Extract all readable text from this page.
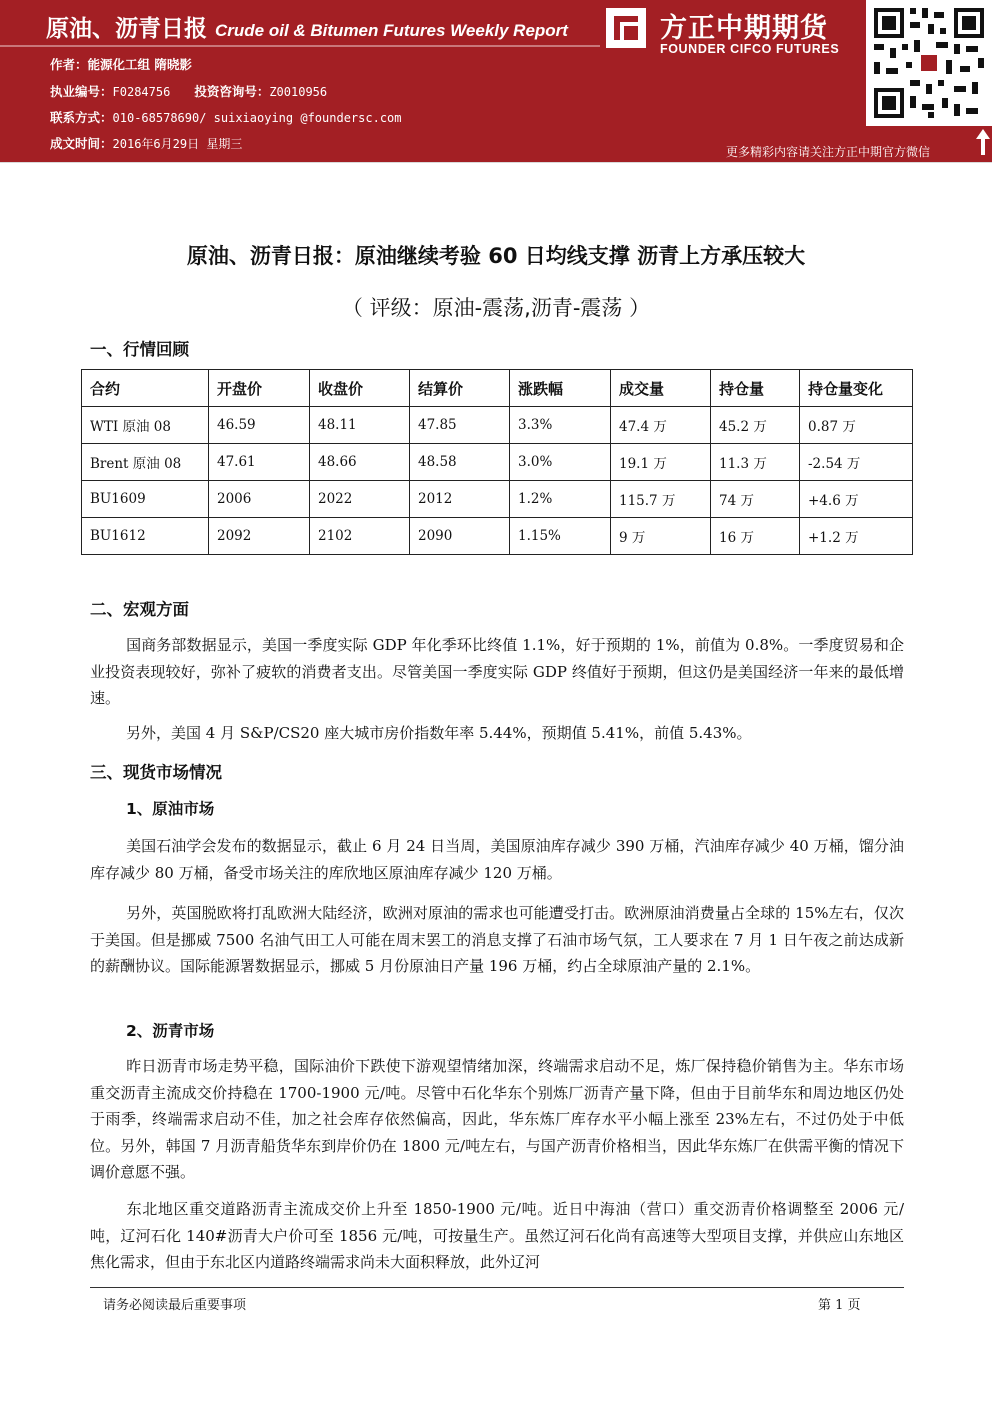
原油、沥青日报 Crude oil & Bitumen Futures Weekly Report
作者：能源化工组 隋晓影
执业编号：F0284756 投资咨询号：Z0010956
联系方式：010-68578690/ suixiaoying @foundersc.com
成文时间：2016年6月29日 星期三
方正中期期货
FOUNDER CIFCO FUTURES
更多精彩内容请关注方正中期官方微信
原油、沥青日报：原油继续考验 60 日均线支撑 沥青上方承压较大
（ 评级：原油-震荡,沥青-震荡 ）
一、行情回顾
合约	开盘价	收盘价	结算价	涨跌幅	成交量	持仓量	持仓量变化
WTI 原油 08	46.59	48.11	47.85	3.3%	47.4 万	45.2 万	0.87 万
Brent 原油 08	47.61	48.66	48.58	3.0%	19.1 万	11.3 万	-2.54 万
BU1609	2006	2022	2012	1.2%	115.7 万	74 万	+4.6 万
BU1612	2092	2102	2090	1.15%	9 万	16 万	+1.2 万
二、宏观方面
国商务部数据显示，美国一季度实际 GDP 年化季环比终值 1.1%，好于预期的 1%，前值为 0.8%。一季度贸易和企业投资表现较好，弥补了疲软的消费者支出。尽管美国一季度实际 GDP 终值好于预期，但这仍是美国经济一年来的最低增速。
另外，美国 4 月 S&P/CS20 座大城市房价指数年率 5.44%，预期值 5.41%，前值 5.43%。
三、现货市场情况
1、原油市场
美国石油学会发布的数据显示，截止 6 月 24 日当周，美国原油库存减少 390 万桶，汽油库存减少 40 万桶，馏分油库存减少 80 万桶，备受市场关注的库欣地区原油库存减少 120 万桶。
另外，英国脱欧将打乱欧洲大陆经济，欧洲对原油的需求也可能遭受打击。欧洲原油消费量占全球的 15%左右，仅次于美国。但是挪威 7500 名油气田工人可能在周末罢工的消息支撑了石油市场气氛，工人要求在 7 月 1 日午夜之前达成新的薪酬协议。国际能源署数据显示，挪威 5 月份原油日产量 196 万桶，约占全球原油产量的 2.1%。
2、沥青市场
昨日沥青市场走势平稳，国际油价下跌使下游观望情绪加深，终端需求启动不足，炼厂保持稳价销售为主。华东市场重交沥青主流成交价持稳在 1700-1900 元/吨。尽管中石化华东个别炼厂沥青产量下降，但由于目前华东和周边地区仍处于雨季，终端需求启动不佳，加之社会库存依然偏高，因此，华东炼厂库存水平小幅上涨至 23%左右，不过仍处于中低位。另外，韩国 7 月沥青船货华东到岸价仍在 1800 元/吨左右，与国产沥青价格相当，因此华东炼厂在供需平衡的情况下调价意愿不强。
东北地区重交道路沥青主流成交价上升至 1850-1900 元/吨。近日中海油（营口）重交沥青价格调整至 2006 元/吨，辽河石化 140#沥青大户价可至 1856 元/吨，可按量生产。虽然辽河石化尚有高速等大型项目支撑，并供应山东地区焦化需求，但由于东北区内道路终端需求尚未大面积释放，此外辽河
请务必阅读最后重要事项	第 1 页
